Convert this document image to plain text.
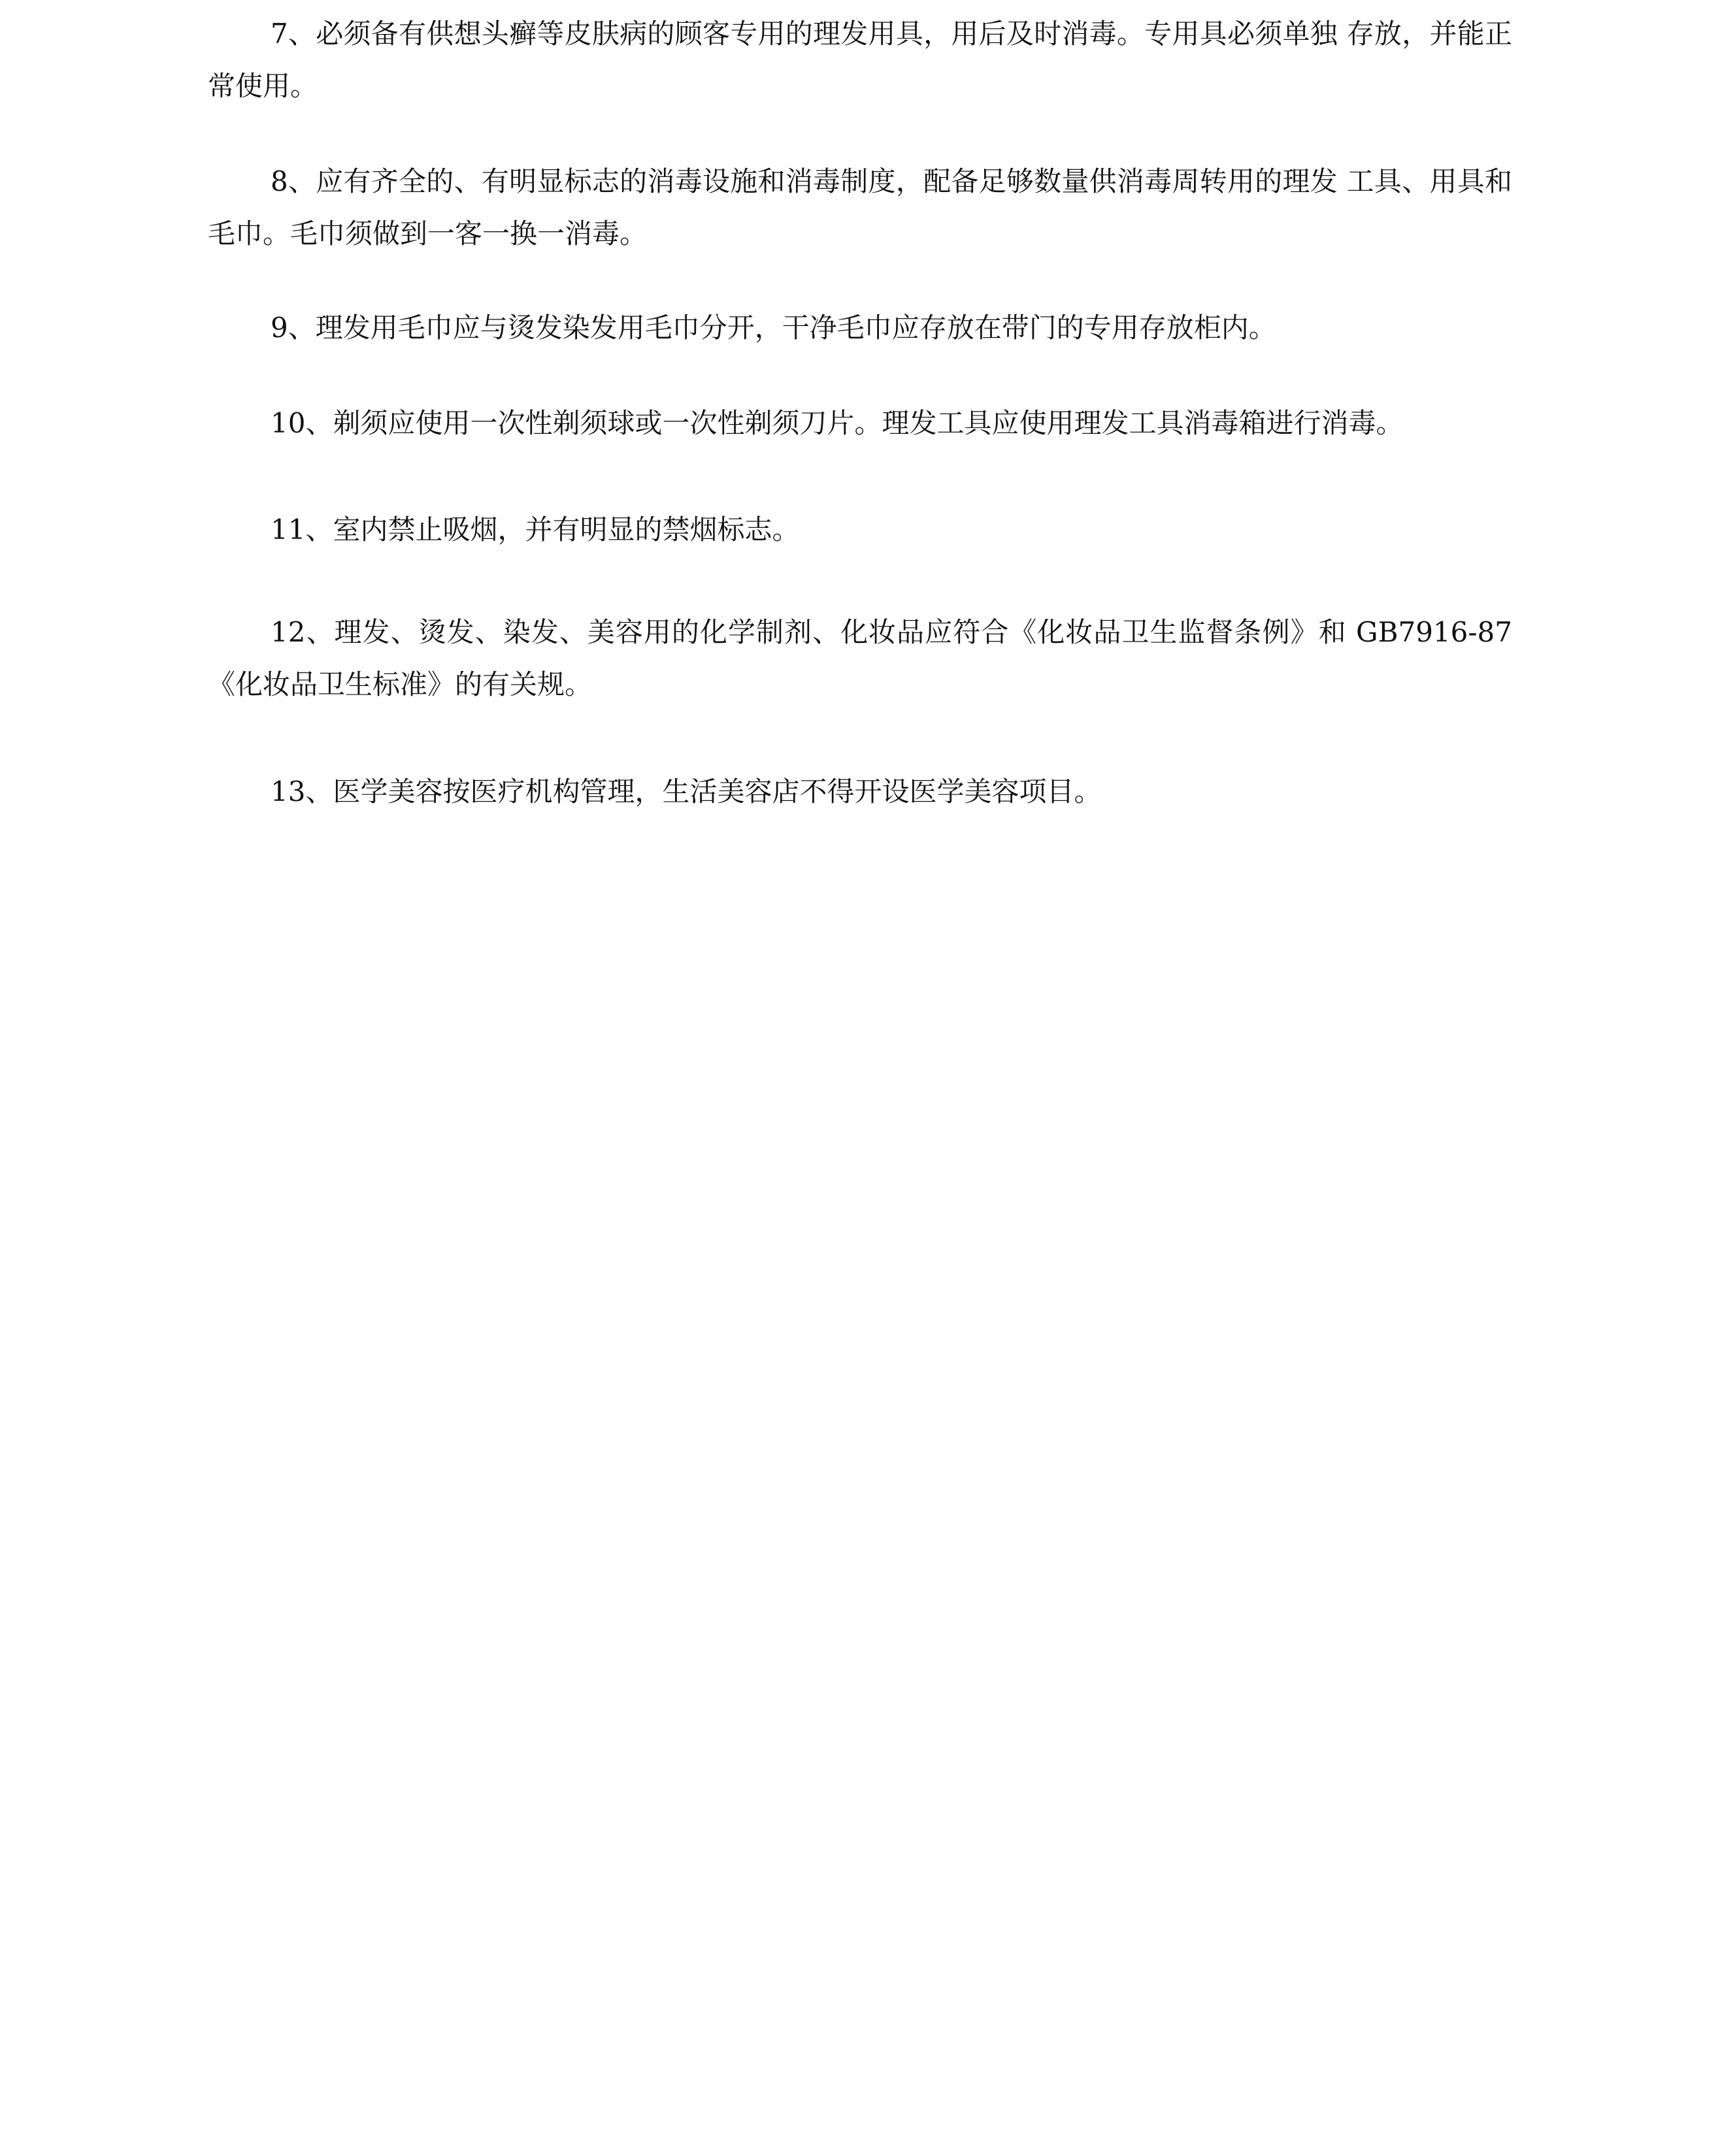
7、必须备有供想头癣等皮肤病的顾客专用的理发用具，用后及时消毒。专用具必须单独 存放，并能正常使用。

8、应有齐全的、有明显标志的消毒设施和消毒制度，配备足够数量供消毒周转用的理发 工具、用具和毛巾。毛巾须做到一客一换一消毒。

9、理发用毛巾应与烫发染发用毛巾分开，干净毛巾应存放在带门的专用存放柜内。

10、剃须应使用一次性剃须球或一次性剃须刀片。理发工具应使用理发工具消毒箱进行消毒。

11、室内禁止吸烟，并有明显的禁烟标志。

12、理发、烫发、染发、美容用的化学制剂、化妆品应符合《化妆品卫生监督条例》和 GB7916-87《化妆品卫生标准》的有关规。

13、医学美容按医疗机构管理，生活美容店不得开设医学美容项目。
